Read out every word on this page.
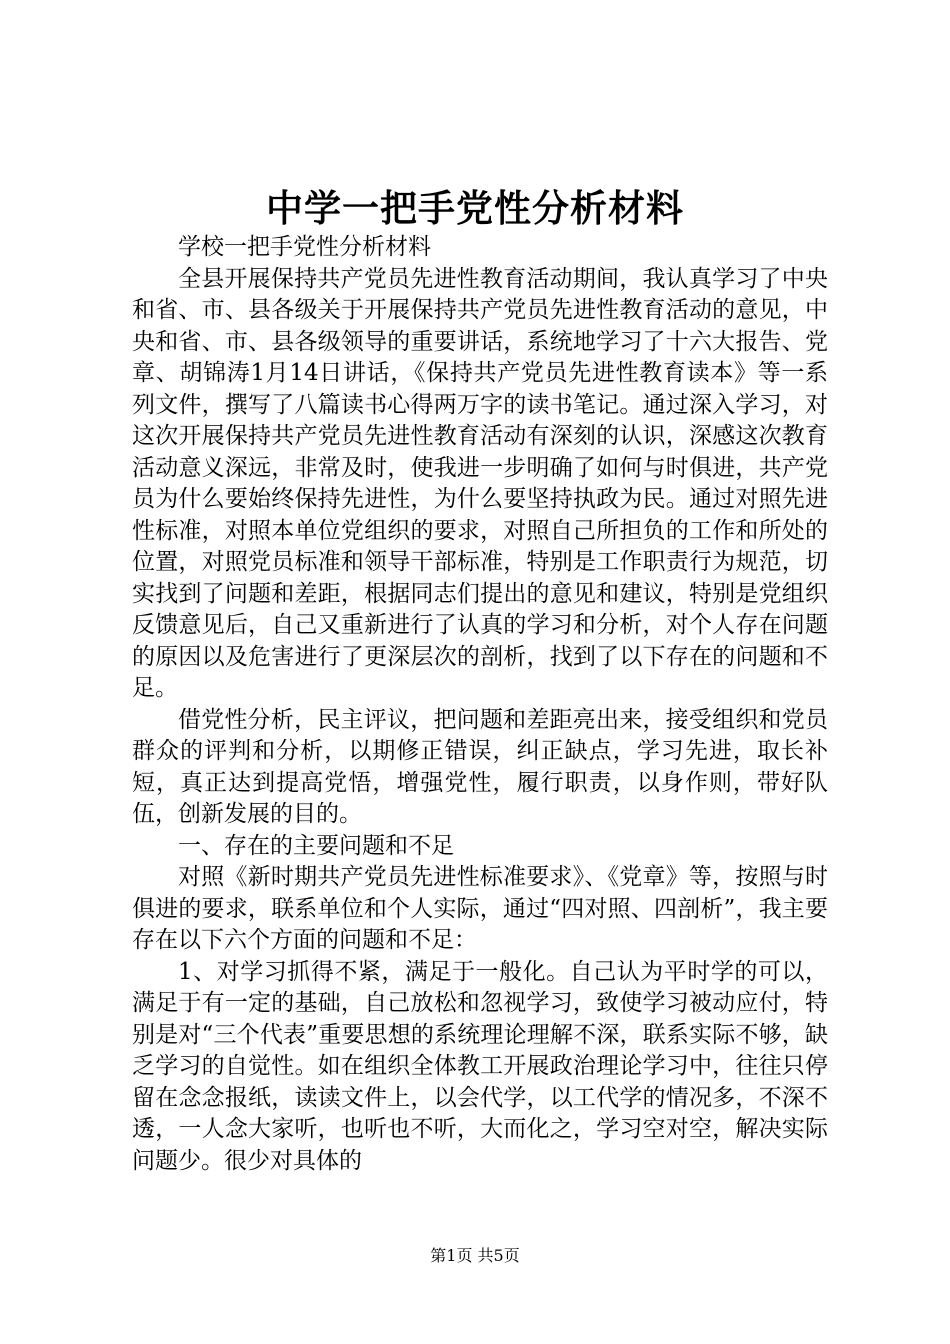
中学一把手党性分析材料

学校一把手党性分析材料

全县开展保持共产党员先进性教育活动期间，我认真学习了中央和省、市、县各级关于开展保持共产党员先进性教育活动的意见，中央和省、市、县各级领导的重要讲话，系统地学习了十六大报告、党章、胡锦涛1月14日讲话，《保持共产党员先进性教育读本》等一系列文件，撰写了八篇读书心得两万字的读书笔记。通过深入学习，对这次开展保持共产党员先进性教育活动有深刻的认识，深感这次教育活动意义深远，非常及时，使我进一步明确了如何与时俱进，共产党员为什么要始终保持先进性，为什么要坚持执政为民。通过对照先进性标准，对照本单位党组织的要求，对照自己所担负的工作和所处的位置，对照党员标准和领导干部标准，特别是工作职责行为规范，切实找到了问题和差距，根据同志们提出的意见和建议，特别是党组织反馈意见后，自己又重新进行了认真的学习和分析，对个人存在问题的原因以及危害进行了更深层次的剖析，找到了以下存在的问题和不足。

借党性分析，民主评议，把问题和差距亮出来，接受组织和党员群众的评判和分析，以期修正错误，纠正缺点，学习先进，取长补短，真正达到提高党悟，增强党性，履行职责，以身作则，带好队伍，创新发展的目的。

一、存在的主要问题和不足

对照《新时期共产党员先进性标准要求》、《党章》等，按照与时俱进的要求，联系单位和个人实际，通过“四对照、四剖析”，我主要存在以下六个方面的问题和不足：

1、对学习抓得不紧，满足于一般化。自己认为平时学的可以，满足于有一定的基础，自己放松和忽视学习，致使学习被动应付，特别是对“三个代表”重要思想的系统理论理解不深，联系实际不够，缺乏学习的自觉性。如在组织全体教工开展政治理论学习中，往往只停留在念念报纸，读读文件上，以会代学，以工代学的情况多，不深不透，一人念大家听，也听也不听，大而化之，学习空对空，解决实际问题少。很少对具体的

第1页 共5页
